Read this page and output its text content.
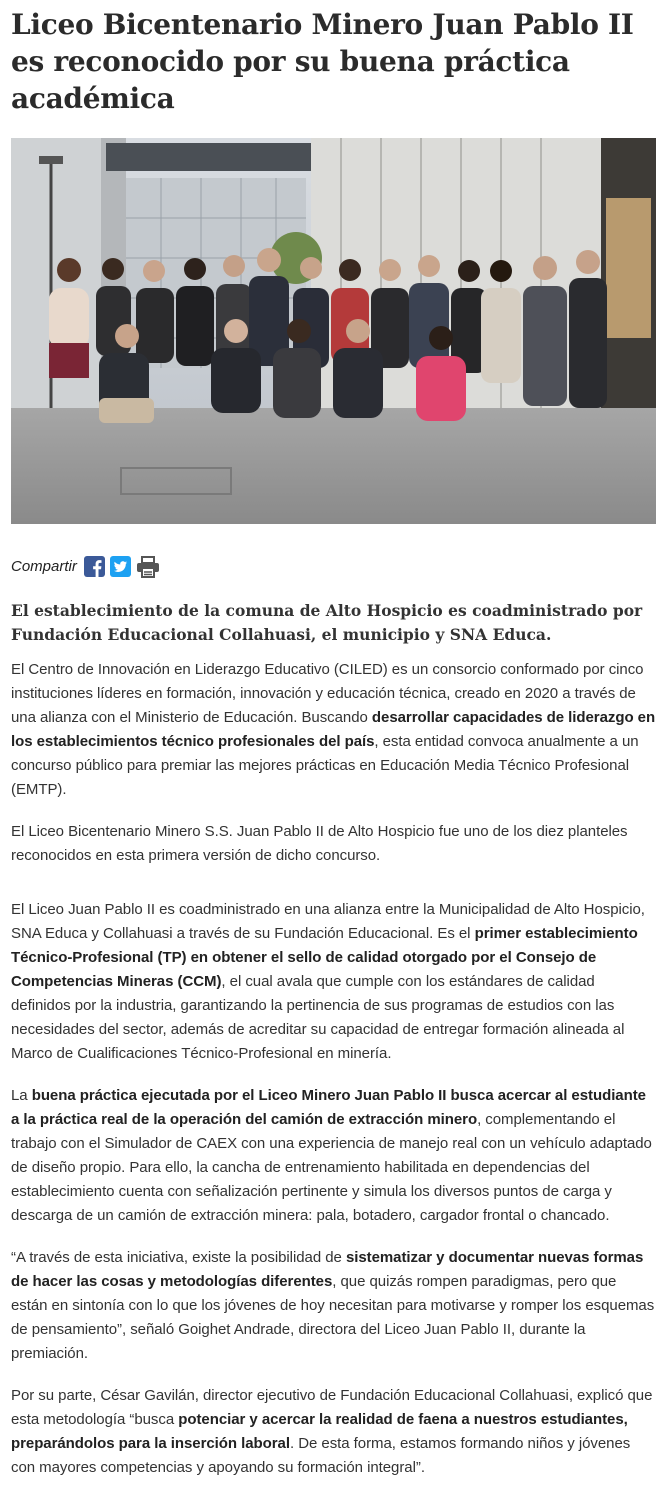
Liceo Bicentenario Minero Juan Pablo II es reconocido por su buena práctica académica
Compartir

El establecimiento de la comuna de Alto Hospicio es coadministrado por Fundación Educacional Collahuasi, el municipio y SNA Educa.

El Centro de Innovación en Liderazgo Educativo (CILED) es un consorcio conformado por cinco instituciones líderes en formación, innovación y educación técnica, creado en 2020 a través de una alianza con el Ministerio de Educación. Buscando desarrollar capacidades de liderazgo en los establecimientos técnico profesionales del país, esta entidad convoca anualmente a un concurso público para premiar las mejores prácticas en Educación Media Técnico Profesional (EMTP).

El Liceo Bicentenario Minero S.S. Juan Pablo II de Alto Hospicio fue uno de los diez planteles reconocidos en esta primera versión de dicho concurso.

El Liceo Juan Pablo II es coadministrado en una alianza entre la Municipalidad de Alto Hospicio, SNA Educa y Collahuasi a través de su Fundación Educacional. Es el primer establecimiento Técnico-Profesional (TP) en obtener el sello de calidad otorgado por el Consejo de Competencias Mineras (CCM), el cual avala que cumple con los estándares de calidad definidos por la industria, garantizando la pertinencia de sus programas de estudios con las necesidades del sector, además de acreditar su capacidad de entregar formación alineada al Marco de Cualificaciones Técnico-Profesional en minería.

La buena práctica ejecutada por el Liceo Minero Juan Pablo II busca acercar al estudiante a la práctica real de la operación del camión de extracción minero, complementando el trabajo con el Simulador de CAEX con una experiencia de manejo real con un vehículo adaptado de diseño propio. Para ello, la cancha de entrenamiento habilitada en dependencias del establecimiento cuenta con señalización pertinente y simula los diversos puntos de carga y descarga de un camión de extracción minera: pala, botadero, cargador frontal o chancado.

“A través de esta iniciativa, existe la posibilidad de sistematizar y documentar nuevas formas de hacer las cosas y metodologías diferentes, que quizás rompen paradigmas, pero que están en sintonía con lo que los jóvenes de hoy necesitan para motivarse y romper los esquemas de pensamiento”, señaló Goighet Andrade, directora del Liceo Juan Pablo II, durante la premiación.

Por su parte, César Gavilán, director ejecutivo de Fundación Educacional Collahuasi, explicó que esta metodología “busca potenciar y acercar la realidad de faena a nuestros estudiantes, preparándolos para la inserción laboral. De esta forma, estamos formando niños y jóvenes con mayores competencias y apoyando su formación integral”.
